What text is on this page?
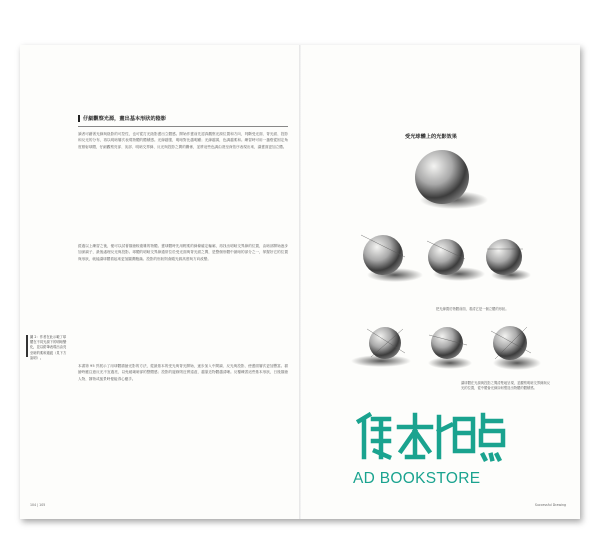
仔細觀察光源，畫出基本形狀的陰影
讀者可藉著光線與陰影的可控性，也可從打光陰影畫出立體感。開始作畫前先認真觀察光源位置和方向，判斷受光面、背光面、投影和反光的分布，再以明暗層次表現物體的體積感。光線越強，明暗對比越明顯；光線越弱，色調越柔和。練習時可用一盞燈從固定角度照射球體，仔細觀察亮部、灰部、明暗交界線、反光與投影之間的關係，並將這些色調由淺至深依序表現出來，讓畫面更加立體。
經過以上練習之後，便可以試著描繪較複雜的物體。畫球體時先用輕柔的線條確定輪廓，再找出明暗交界線的位置，由暗部開始逐步加深調子，最後處理反光與投影。球體的明暗交界線通常位於受光面與背光面之間，是整個形體中最暗的部分之一，掌握好它的位置與形狀，就能讓球體看起來更加圓潤飽滿。投影的形狀則會隨光源高度與方向改變。
本書第 95 頁展示了用球體描繪光影的方法，從最基本的受光與背光開始，逐步加入中間調、反光與投影，使畫面層次更加豐富。描繪時應注意反光不宜過亮，以免破壞暗部的整體感；投影的邊緣則近實遠虛，越靠近物體越清晰。反覆練習這些基本形狀，日後描繪人物、靜物或風景時便能得心應手。
圖 2：作者在此示範了球體在不同光源下的明暗變化，並以鉛筆表現出由亮至暗的柔和過渡（見下方說明）。
104 | 105
受光球體上的光影效果
把光線置於物體前面，看清它是一個立體的形狀。
讓球體在光源與投影之間清楚地呈現，並觀察明暗交界線與反光的位置，從中體會光線如何塑造出物體的體積感。
AD BOOKSTORE
Successful Drawing
